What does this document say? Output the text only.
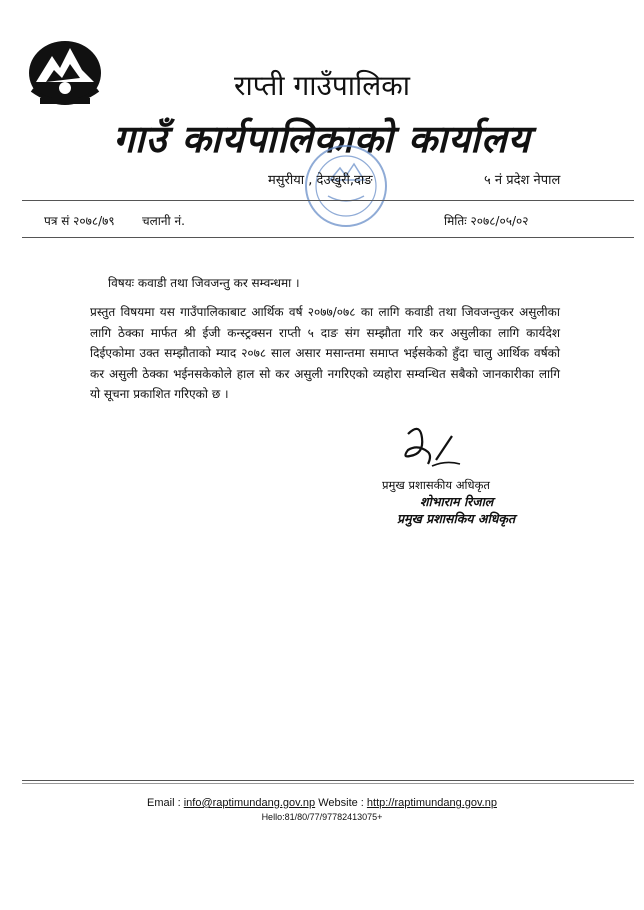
राप्ती गाउँपालिका
गाउँ कार्यपालिकाको कार्यालय
मसुरीया , देउखुरी,दाङ	५ नं प्रदेश नेपाल
पत्र सं २०७८/७९ चलानी नं.	मितिः २०७८/०५/०२
विषयः कवाडी तथा जिवजन्तु कर सम्वन्धमा ।
प्रस्तुत विषयमा यस गाउँपालिकाबाट आर्थिक वर्ष २०७७/०७८ का लागि कवाडी तथा जिवजन्तुकर असुलीका लागि ठेक्का मार्फत श्री ईजी कन्स्ट्रक्सन राप्ती ५ दाङ संग सम्झौता गरि कर असुलीका लागि कार्यदेश दिईएकोमा उक्त सम्झौताको म्याद २०७८ साल असार मसान्तमा समाप्त भईसकेको हुँदा चालु आर्थिक वर्षको कर असुली ठेक्का भईनसकेकोले हाल सो कर असुली नगरिएको व्यहोरा सम्वन्धित सबैको जानकारीका लागि यो सूचना प्रकाशित गरिएको छ ।
प्रमुख प्रशासकीय अधिकृत
शोभाराम रिजाल
प्रमुख प्रशासकिय अधिकृत
Email : info@raptimundang.gov.np Website : http://raptimundang.gov.np
Hello:81/80/77/97782413075+
